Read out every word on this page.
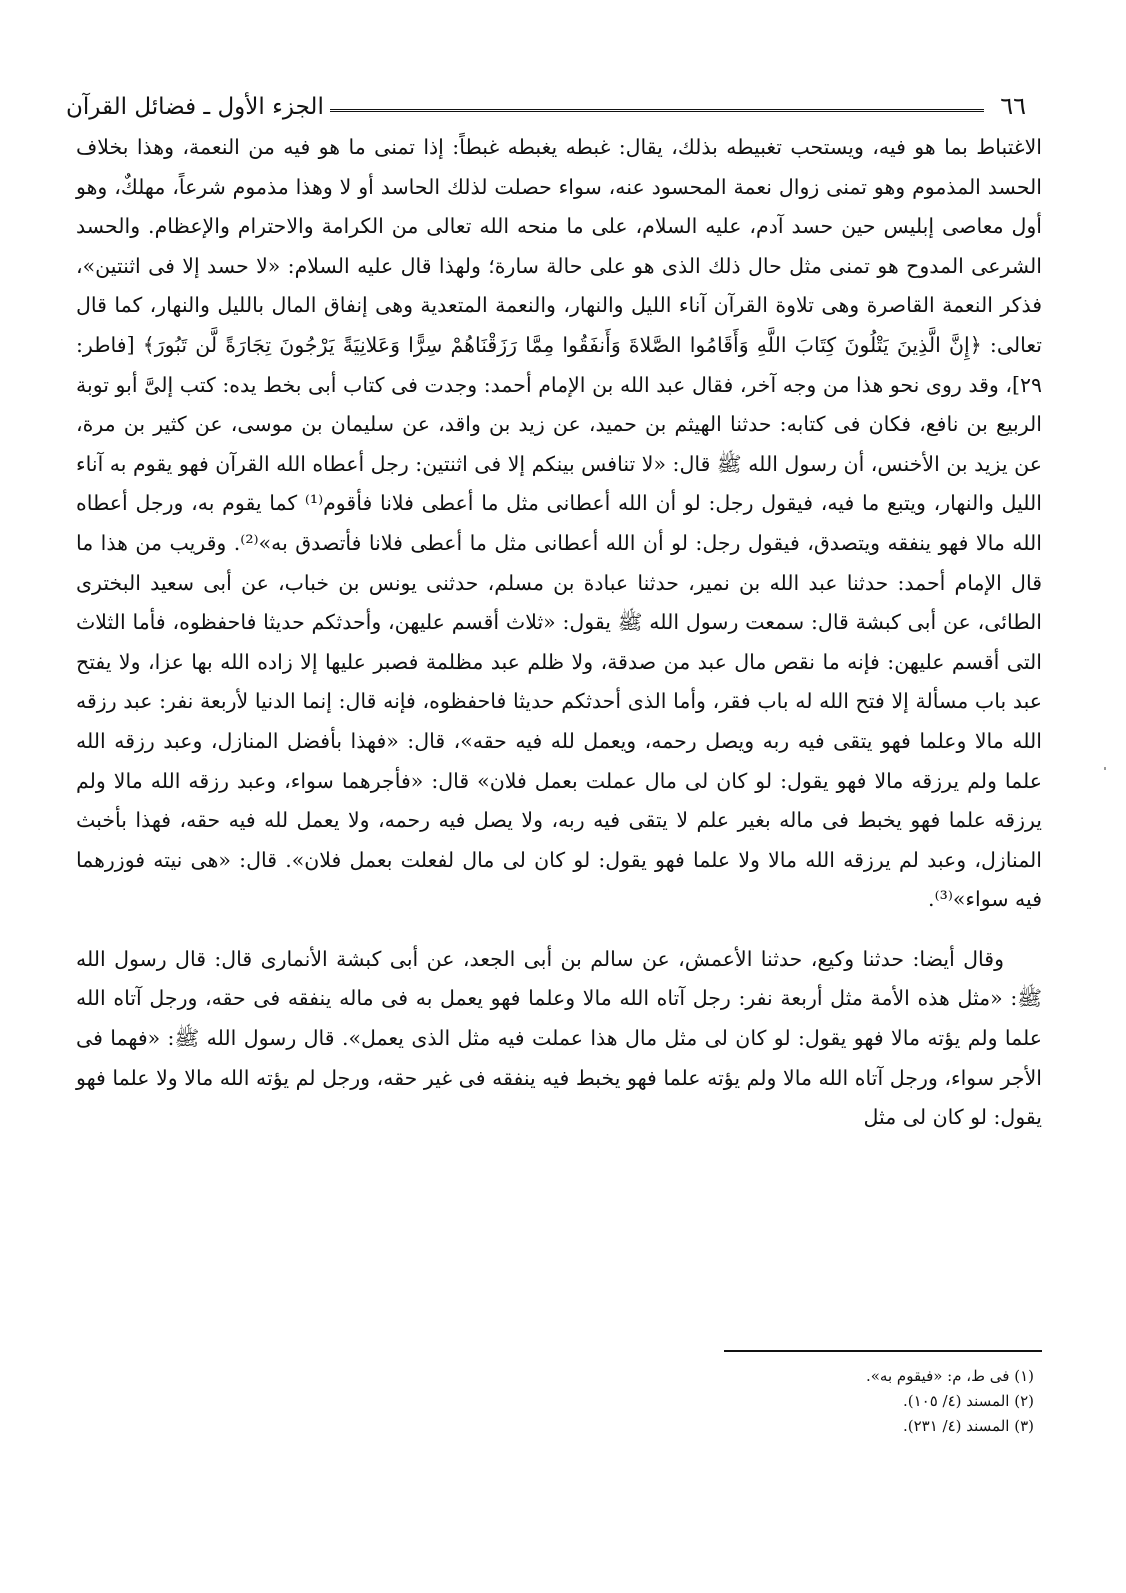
٦٦
الجزء الأول ـ فضائل القرآن

الاغتباط بما هو فيه، ويستحب تغبيطه بذلك، يقال: غبطه يغبطه غبطاً: إذا تمنى ما هو فيه من النعمة، وهذا بخلاف الحسد المذموم وهو تمنى زوال نعمة المحسود عنه، سواء حصلت لذلك الحاسد أو لا وهذا مذموم شرعاً، مهلكٌ، وهو أول معاصى إبليس حين حسد آدم، عليه السلام، على ما منحه الله تعالى من الكرامة والاحترام والإعظام. والحسد الشرعى المدوح هو تمنى مثل حال ذلك الذى هو على حالة سارة؛ ولهذا قال عليه السلام: «لا حسد إلا فى اثنتين»، فذكر النعمة القاصرة وهى تلاوة القرآن آناء الليل والنهار، والنعمة المتعدية وهى إنفاق المال بالليل والنهار، كما قال تعالى: ﴿إِنَّ الَّذِينَ يَتْلُونَ كِتَابَ اللَّهِ وَأَقَامُوا الصَّلاةَ وَأَنفَقُوا مِمَّا رَزَقْنَاهُمْ سِرًّا وَعَلانِيَةً يَرْجُونَ تِجَارَةً لَّن تَبُورَ﴾ [فاطر: ٢٩]، وقد روى نحو هذا من وجه آخر، فقال عبد الله بن الإمام أحمد: وجدت فى كتاب أبى بخط يده: كتب إلىَّ أبو توبة الربيع بن نافع، فكان فى كتابه: حدثنا الهيثم بن حميد، عن زيد بن واقد، عن سليمان بن موسى، عن كثير بن مرة، عن يزيد بن الأخنس، أن رسول الله ﷺ قال: «لا تنافس بينكم إلا فى اثنتين: رجل أعطاه الله القرآن فهو يقوم به آناء الليل والنهار، ويتبع ما فيه، فيقول رجل: لو أن الله أعطانى مثل ما أعطى فلانا فأقوم⁽¹⁾ كما يقوم به، ورجل أعطاه الله مالا فهو ينفقه ويتصدق، فيقول رجل: لو أن الله أعطانى مثل ما أعطى فلانا فأتصدق به»⁽²⁾. وقريب من هذا ما قال الإمام أحمد: حدثنا عبد الله بن نمير، حدثنا عبادة بن مسلم، حدثنى يونس بن خباب، عن أبى سعيد البخترى الطائى، عن أبى كبشة قال: سمعت رسول الله ﷺ يقول: «ثلاث أقسم عليهن، وأحدثكم حديثا فاحفظوه، فأما الثلاث التى أقسم عليهن: فإنه ما نقص مال عبد من صدقة، ولا ظلم عبد مظلمة فصبر عليها إلا زاده الله بها عزا، ولا يفتح عبد باب مسألة إلا فتح الله له باب فقر، وأما الذى أحدثكم حديثا فاحفظوه، فإنه قال: إنما الدنيا لأربعة نفر: عبد رزقه الله مالا وعلما فهو يتقى فيه ربه ويصل رحمه، ويعمل لله فيه حقه»، قال: «فهذا بأفضل المنازل، وعبد رزقه الله علما ولم يرزقه مالا فهو يقول: لو كان لى مال عملت بعمل فلان» قال: «فأجرهما سواء، وعبد رزقه الله مالا ولم يرزقه علما فهو يخبط فى ماله بغير علم لا يتقى فيه ربه، ولا يصل فيه رحمه، ولا يعمل لله فيه حقه، فهذا بأخبث المنازل، وعبد لم يرزقه الله مالا ولا علما فهو يقول: لو كان لى مال لفعلت بعمل فلان». قال: «هى نيته فوزرهما فيه سواء»⁽³⁾.

وقال أيضا: حدثنا وكيع، حدثنا الأعمش، عن سالم بن أبى الجعد، عن أبى كبشة الأنمارى قال: قال رسول الله ﷺ: «مثل هذه الأمة مثل أربعة نفر: رجل آتاه الله مالا وعلما فهو يعمل به فى ماله ينفقه فى حقه، ورجل آتاه الله علما ولم يؤته مالا فهو يقول: لو كان لى مثل مال هذا عملت فيه مثل الذى يعمل». قال رسول الله ﷺ: «فهما فى الأجر سواء، ورجل آتاه الله مالا ولم يؤته علما فهو يخبط فيه ينفقه فى غير حقه، ورجل لم يؤته الله مالا ولا علما فهو يقول: لو كان لى مثل

(١) فى ط، م: «فيقوم به».
(٢) المسند (٤/ ١٠٥).
(٣) المسند (٤/ ٢٣١).
